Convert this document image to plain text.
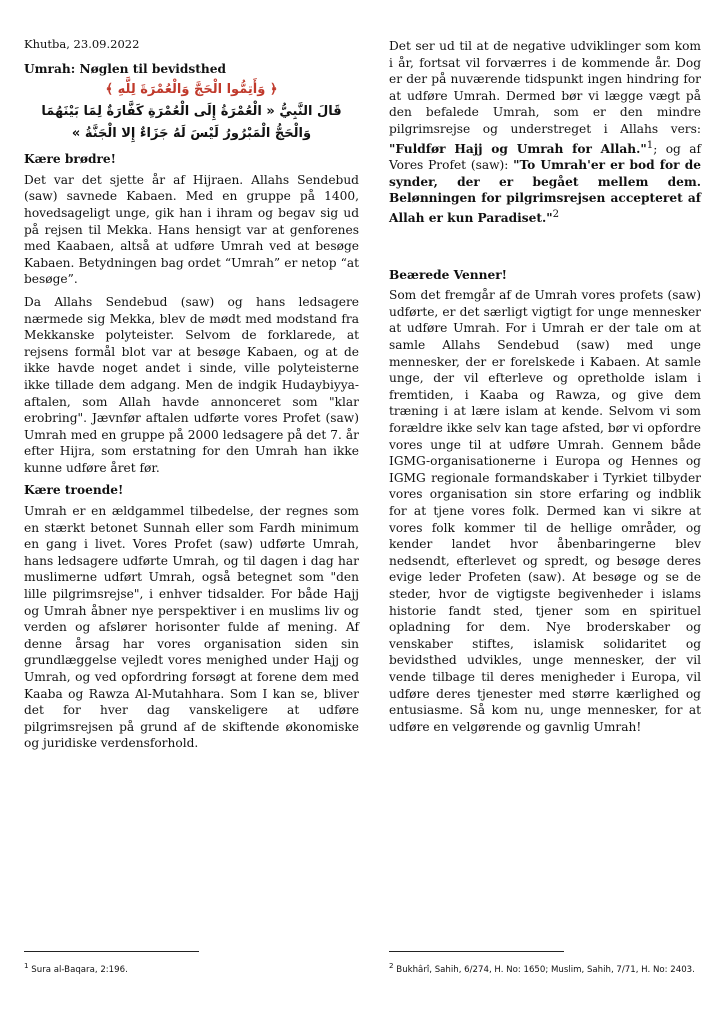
Khutba, 23.09.2022
Umrah: Nøglen til bevidsthed
﴿ وَأَتِمُّوا الْحَجَّ وَالْعُمْرَةَ لِلَّهِ ﴾
قَالَ النَّبِيُّ « الْعُمْرَةُ إِلَى الْعُمْرَةِ كَفَّارَةٌ لِمَا بَيْنَهُمَا
وَالْحَجُّ الْمَبْرُورُ لَيْسَ لَهُ جَزَاءٌ إِلا الْجَنَّةُ »
Kære brødre!

Det var det sjette år af Hijraen. Allahs Sendebud (saw) savnede Kabaen. Med en gruppe på 1400, hovedsageligt unge, gik han i ihram og begav sig ud på rejsen til Mekka. Hans hensigt var at genforenes med Kaabaen, altså at udføre Umrah ved at besøge Kabaen. Betydningen bag ordet “Umrah” er netop “at besøge”.

Da Allahs Sendebud (saw) og hans ledsagere nærmede sig Mekka, blev de mødt med modstand fra Mekkanske polyteister. Selvom de forklarede, at rejsens formål blot var at besøge Kabaen, og at de ikke havde noget andet i sinde, ville polyteisterne ikke tillade dem adgang. Men de indgik Hudaybiyya-aftalen, som Allah havde annonceret som "klar erobring". Jævnfør aftalen udførte vores Profet (saw) Umrah med en gruppe på 2000 ledsagere på det 7. år efter Hijra, som erstatning for den Umrah han ikke kunne udføre året før.

Kære troende!

Umrah er en ældgammel tilbedelse, der regnes som en stærkt betonet Sunnah eller som Fardh minimum en gang i livet. Vores Profet (saw) udførte Umrah, hans ledsagere udførte Umrah, og til dagen i dag har muslimerne udført Umrah, også betegnet som "den lille pilgrimsrejse", i enhver tidsalder. For både Hajj og Umrah åbner nye perspektiver i en muslims liv og verden og afslører horisonter fulde af mening. Af denne årsag har vores organisation siden sin grundlæggelse vejledt vores menighed under Hajj og Umrah, og ved opfordring forsøgt at forene dem med Kaaba og Rawza Al-Mutahhara. Som I kan se, bliver det for hver dag vanskeligere at udføre pilgrimsrejsen på grund af de skiftende økonomiske og juridiske verdensforhold.

Det ser ud til at de negative udviklinger som kom i år, fortsat vil forværres i de kommende år. Dog er der på nuværende tidspunkt ingen hindring for at udføre Umrah. Dermed bør vi lægge vægt på den befalede Umrah, som er den mindre pilgrimsrejse og understreget i Allahs vers: "Fuldfør Hajj og Umrah for Allah."$^1$; og af Vores Profet (saw): "To Umrah'er er bod for de synder, der er begået mellem dem. Belønningen for pilgrimsrejsen accepteret af Allah er kun Paradiset."$^2$

Beærede Venner!

Som det fremgår af de Umrah vores profets (saw) udførte, er det særligt vigtigt for unge mennesker at udføre Umrah. For i Umrah er der tale om at samle Allahs Sendebud (saw) med unge mennesker, der er forelskede i Kabaen. At samle unge, der vil efterleve og opretholde islam i fremtiden, i Kaaba og Rawza, og give dem træning i at lære islam at kende. Selvom vi som forældre ikke selv kan tage afsted, bør vi opfordre vores unge til at udføre Umrah. Gennem både IGMG-organisationerne i Europa og Hennes og IGMG regionale formandskaber i Tyrkiet tilbyder vores organisation sin store erfaring og indblik for at tjene vores folk. Dermed kan vi sikre at vores folk kommer til de hellige områder, og kender landet hvor åbenbaringerne blev nedsendt, efterlevet og spredt, og besøge deres evige leder Profeten (saw). At besøge og se de steder, hvor de vigtigste begivenheder i islams historie fandt sted, tjener som en spirituel opladning for dem. Nye broderskaber og venskaber stiftes, islamisk solidaritet og bevidsthed udvikles, unge mennesker, der vil vende tilbage til deres menigheder i Europa, vil udføre deres tjenester med større kærlighed og entusiasme. Så kom nu, unge mennesker, for at udføre en velgørende og gavnlig Umrah!

$^1$ Sura al-Baqara, 2:196.	$^2$ Bukhârî, Sahih, 6/274, H. No: 1650; Muslim, Sahih, 7/71, H. No: 2403.
